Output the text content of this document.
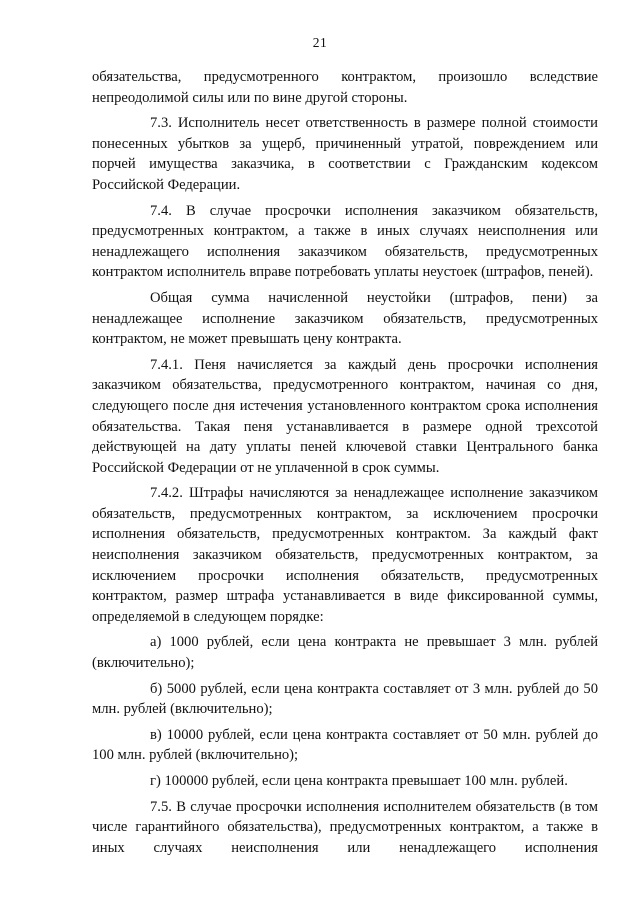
21

обязательства, предусмотренного контрактом, произошло вследствие непреодолимой силы или по вине другой стороны.

7.3. Исполнитель несет ответственность в размере полной стоимости понесенных убытков за ущерб, причиненный утратой, повреждением или порчей имущества заказчика, в соответствии с Гражданским кодексом Российской Федерации.

7.4. В случае просрочки исполнения заказчиком обязательств, предусмотренных контрактом, а также в иных случаях неисполнения или ненадлежащего исполнения заказчиком обязательств, предусмотренных контрактом исполнитель вправе потребовать уплаты неустоек (штрафов, пеней).

Общая сумма начисленной неустойки (штрафов, пени) за ненадлежащее исполнение заказчиком обязательств, предусмотренных контрактом, не может превышать цену контракта.

7.4.1. Пеня начисляется за каждый день просрочки исполнения заказчиком обязательства, предусмотренного контрактом, начиная со дня, следующего после дня истечения установленного контрактом срока исполнения обязательства. Такая пеня устанавливается в размере одной трехсотой действующей на дату уплаты пеней ключевой ставки Центрального банка Российской Федерации от не уплаченной в срок суммы.

7.4.2. Штрафы начисляются за ненадлежащее исполнение заказчиком обязательств, предусмотренных контрактом, за исключением просрочки исполнения обязательств, предусмотренных контрактом. За каждый факт неисполнения заказчиком обязательств, предусмотренных контрактом, за исключением просрочки исполнения обязательств, предусмотренных контрактом, размер штрафа устанавливается в виде фиксированной суммы, определяемой в следующем порядке:

а) 1000 рублей, если цена контракта не превышает 3 млн. рублей (включительно);

б) 5000 рублей, если цена контракта составляет от 3 млн. рублей до 50 млн. рублей (включительно);

в) 10000 рублей, если цена контракта составляет от 50 млн. рублей до 100 млн. рублей (включительно);

г) 100000 рублей, если цена контракта превышает 100 млн. рублей.

7.5. В случае просрочки исполнения исполнителем обязательств (в том числе гарантийного обязательства), предусмотренных контрактом, а также в иных случаях неисполнения или ненадлежащего исполнения
